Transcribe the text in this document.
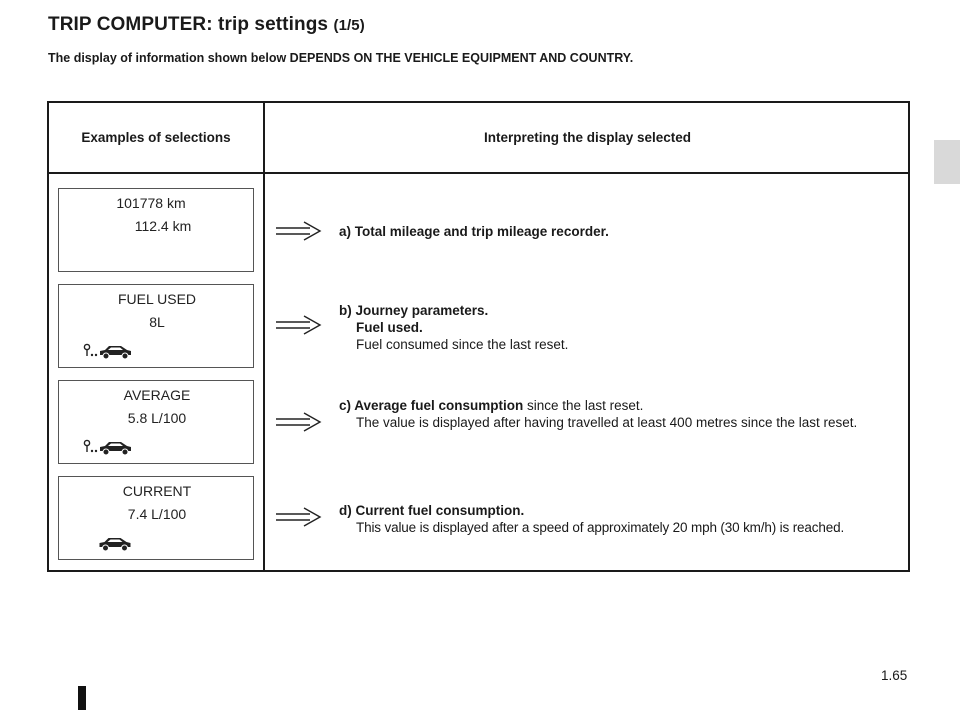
TRIP COMPUTER: trip settings (1/5)
The display of information shown below DEPENDS ON THE VEHICLE EQUIPMENT AND COUNTRY.
Examples of selections	Interpreting the display selected
101778 km
112.4 km
FUEL USED
8L
AVERAGE
5.8 L/100
CURRENT
7.4 L/100
a) Total mileage and trip mileage recorder.
b) Journey parameters.
Fuel used.
Fuel consumed since the last reset.
c) Average fuel consumption since the last reset.
The value is displayed after having travelled at least 400 metres since the last reset.
d) Current fuel consumption.
This value is displayed after a speed of approximately 20 mph (30 km/h) is reached.
1.65
